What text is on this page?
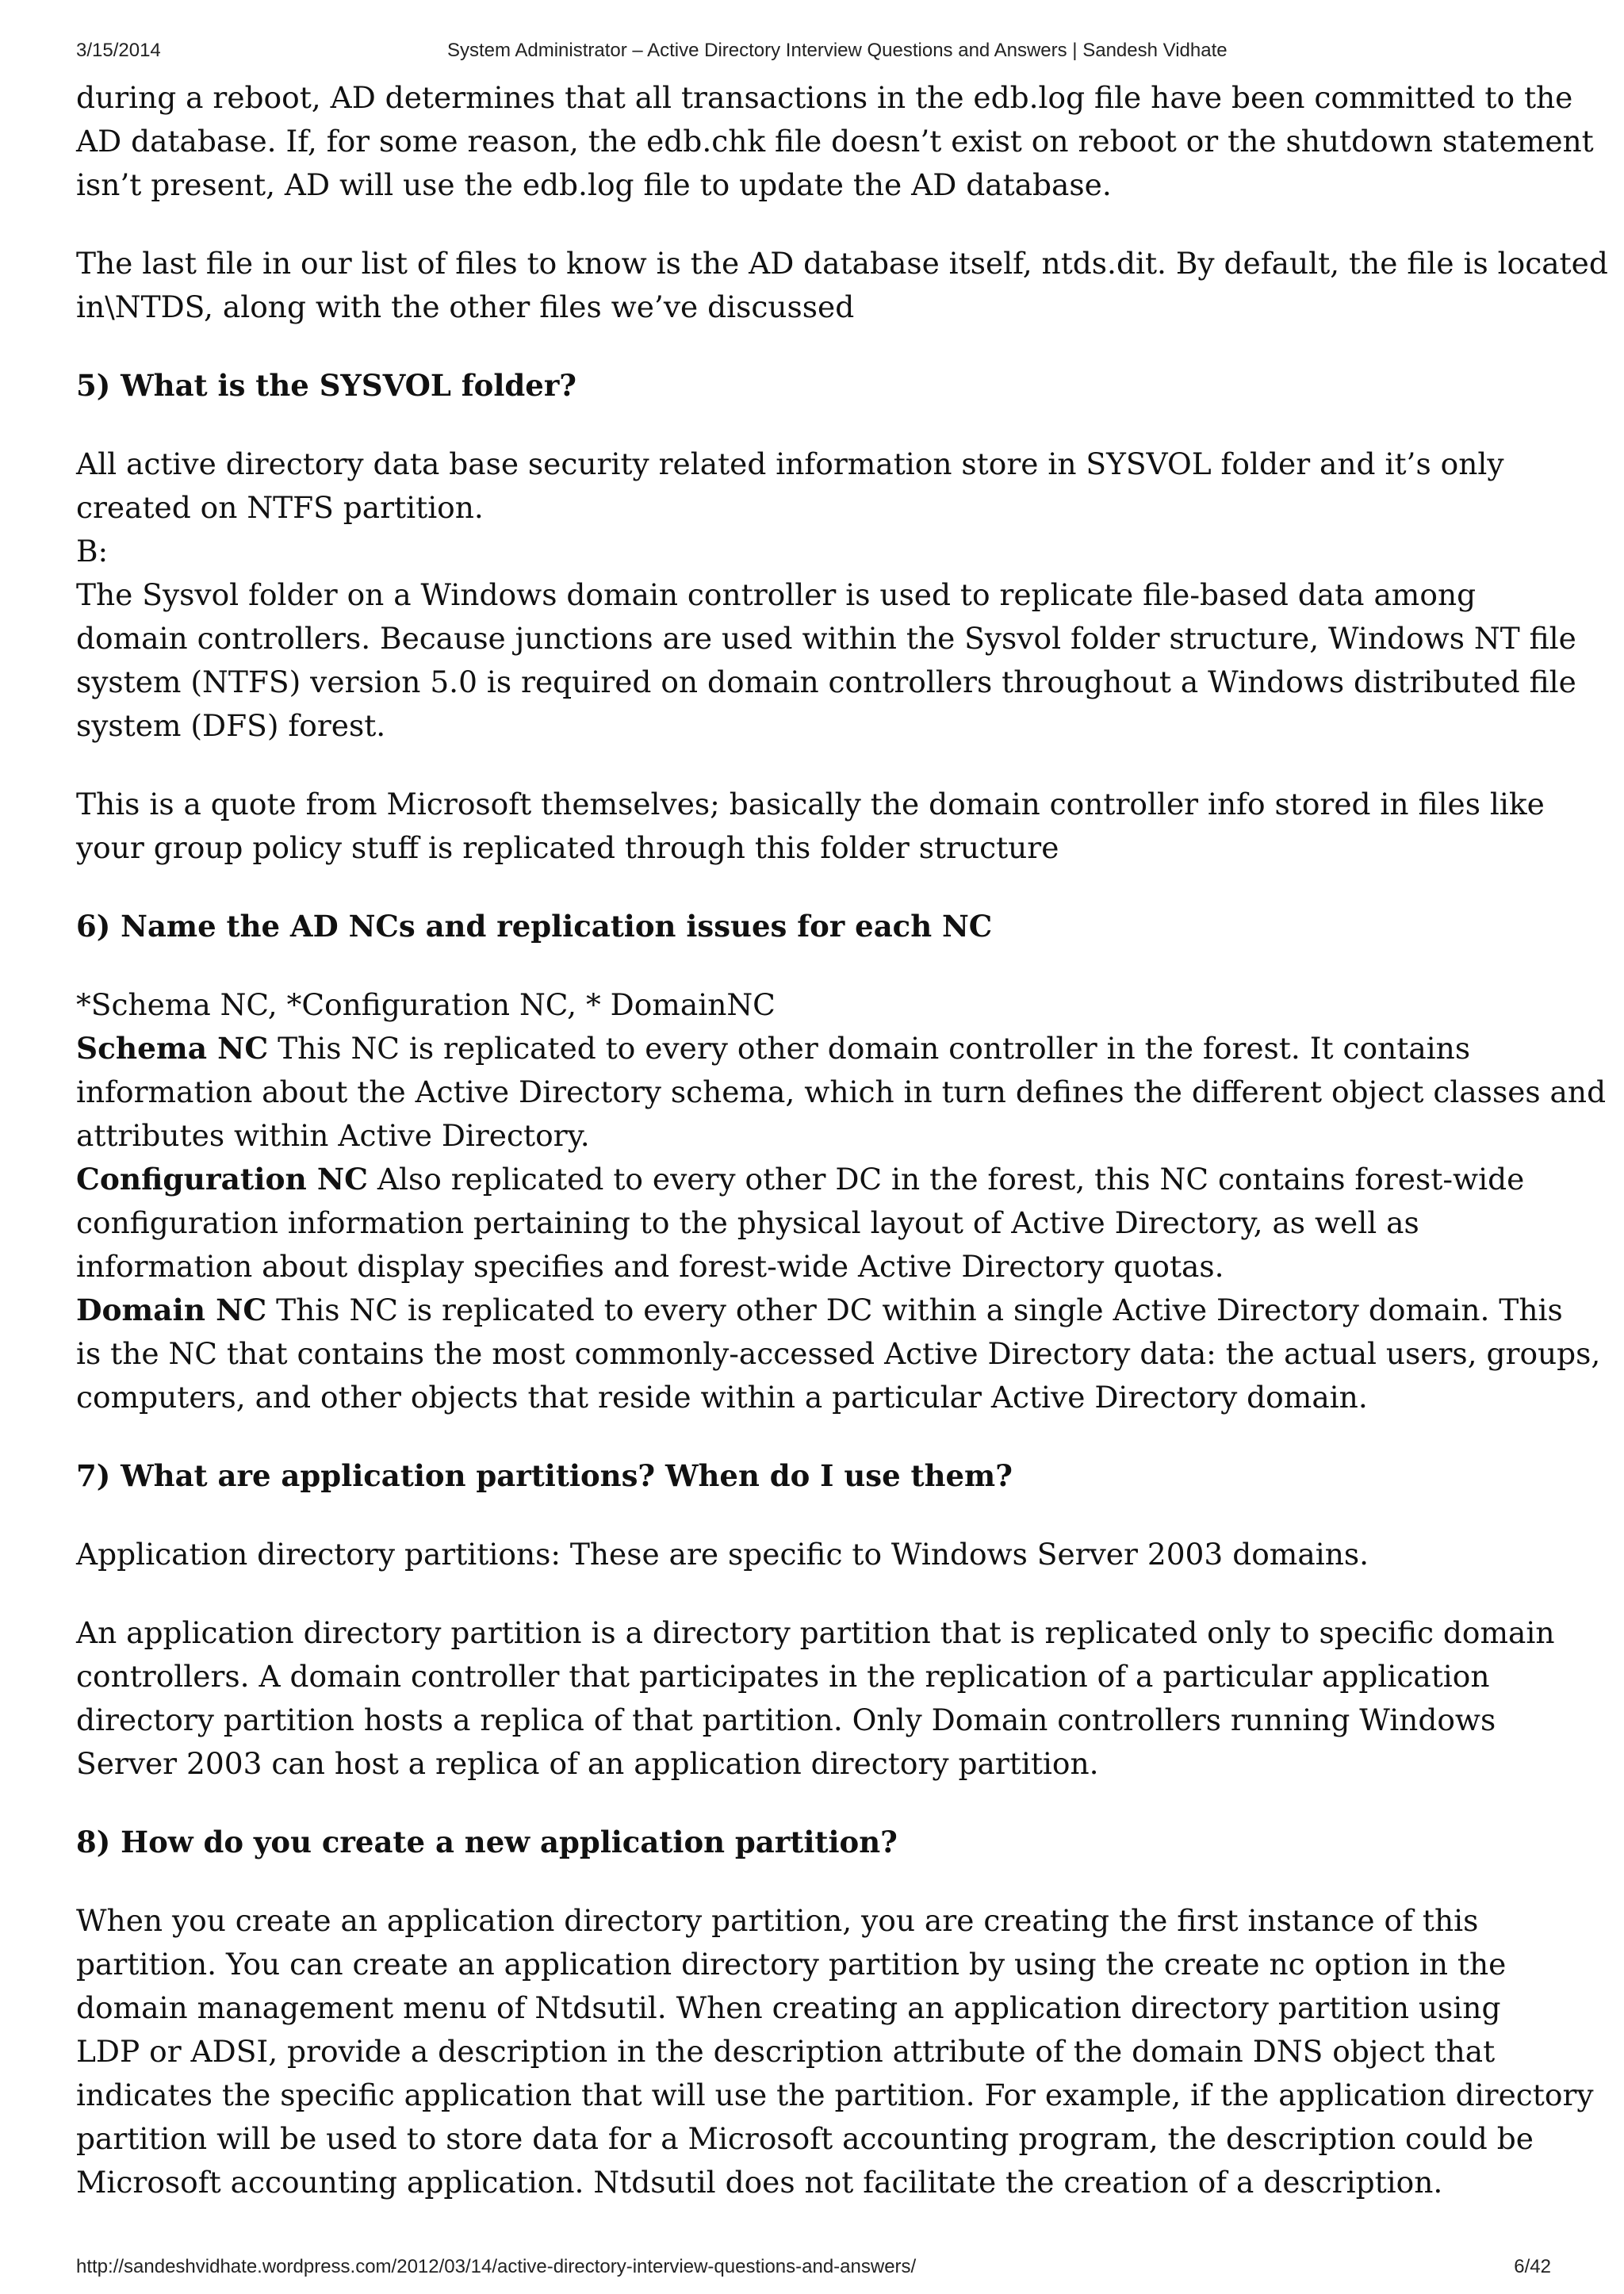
3/15/2014	System Administrator – Active Directory Interview Questions and Answers | Sandesh Vidhate

during a reboot, AD determines that all transactions in the edb.log file have been committed to the
AD database. If, for some reason, the edb.chk file doesn’t exist on reboot or the shutdown statement
isn’t present, AD will use the edb.log file to update the AD database.

The last file in our list of files to know is the AD database itself, ntds.dit. By default, the file is located
in\NTDS, along with the other files we’ve discussed

5) What is the SYSVOL folder?

All active directory data base security related information store in SYSVOL folder and it’s only
created on NTFS partition.
B:
The Sysvol folder on a Windows domain controller is used to replicate file-based data among
domain controllers. Because junctions are used within the Sysvol folder structure, Windows NT file
system (NTFS) version 5.0 is required on domain controllers throughout a Windows distributed file
system (DFS) forest.

This is a quote from Microsoft themselves; basically the domain controller info stored in files like
your group policy stuff is replicated through this folder structure

6) Name the AD NCs and replication issues for each NC

*Schema NC, *Configuration NC, * DomainNC
Schema NC This NC is replicated to every other domain controller in the forest. It contains
information about the Active Directory schema, which in turn defines the different object classes and
attributes within Active Directory.
Configuration NC Also replicated to every other DC in the forest, this NC contains forest-wide
configuration information pertaining to the physical layout of Active Directory, as well as
information about display specifies and forest-wide Active Directory quotas.
Domain NC This NC is replicated to every other DC within a single Active Directory domain. This
is the NC that contains the most commonly-accessed Active Directory data: the actual users, groups,
computers, and other objects that reside within a particular Active Directory domain.

7) What are application partitions? When do I use them?

Application directory partitions: These are specific to Windows Server 2003 domains.

An application directory partition is a directory partition that is replicated only to specific domain
controllers. A domain controller that participates in the replication of a particular application
directory partition hosts a replica of that partition. Only Domain controllers running Windows
Server 2003 can host a replica of an application directory partition.

8) How do you create a new application partition?

When you create an application directory partition, you are creating the first instance of this
partition. You can create an application directory partition by using the create nc option in the
domain management menu of Ntdsutil. When creating an application directory partition using
LDP or ADSI, provide a description in the description attribute of the domain DNS object that
indicates the specific application that will use the partition. For example, if the application directory
partition will be used to store data for a Microsoft accounting program, the description could be
Microsoft accounting application. Ntdsutil does not facilitate the creation of a description.

http://sandeshvidhate.wordpress.com/2012/03/14/active-directory-interview-questions-and-answers/	6/42
